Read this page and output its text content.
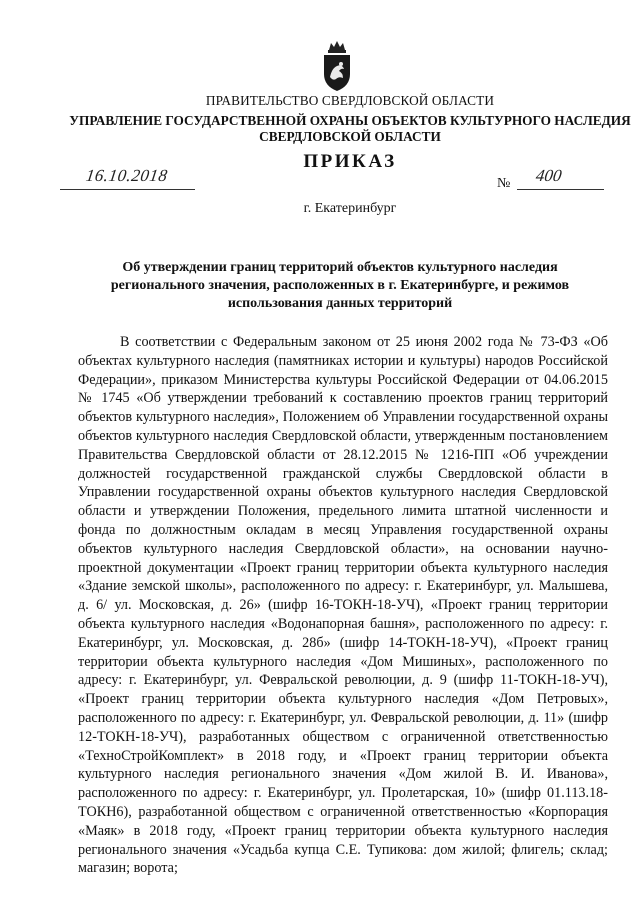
ПРАВИТЕЛЬСТВО СВЕРДЛОВСКОЙ ОБЛАСТИ
УПРАВЛЕНИЕ ГОСУДАРСТВЕННОЙ ОХРАНЫ ОБЪЕКТОВ КУЛЬТУРНОГО НАСЛЕДИЯ
СВЕРДЛОВСКОЙ ОБЛАСТИ
ПРИКАЗ
16.10.2018	№ 400
г. Екатеринбург
Об утверждении границ территорий объектов культурного наследия регионального значения, расположенных в г. Екатеринбурге, и режимов использования данных территорий
В соответствии с Федеральным законом от 25 июня 2002 года № 73-ФЗ «Об объектах культурного наследия (памятниках истории и культуры) народов Российской Федерации», приказом Министерства культуры Российской Федерации от 04.06.2015 № 1745 «Об утверждении требований к составлению проектов границ территорий объектов культурного наследия», Положением об Управлении государственной охраны объектов культурного наследия Свердловской области, утвержденным постановлением Правительства Свердловской области от 28.12.2015 № 1216-ПП «Об учреждении должностей государственной гражданской службы Свердловской области в Управлении государственной охраны объектов культурного наследия Свердловской области и утверждении Положения, предельного лимита штатной численности и фонда по должностным окладам в месяц Управления государственной охраны объектов культурного наследия Свердловской области», на основании научно-проектной документации «Проект границ территории объекта культурного наследия «Здание земской школы», расположенного по адресу: г. Екатеринбург, ул. Малышева, д. 6/ ул. Московская, д. 26» (шифр 16-ТОКН-18-УЧ), «Проект границ территории объекта культурного наследия «Водонапорная башня», расположенного по адресу: г. Екатеринбург, ул. Московская, д. 28б» (шифр 14-ТОКН-18-УЧ), «Проект границ территории объекта культурного наследия «Дом Мишиных», расположенного по адресу: г. Екатеринбург, ул. Февральской революции, д. 9 (шифр 11-ТОКН-18-УЧ), «Проект границ территории объекта культурного наследия «Дом Петровых», расположенного по адресу: г. Екатеринбург, ул. Февральской революции, д. 11» (шифр 12-ТОКН-18-УЧ), разработанных обществом с ограниченной ответственностью «ТехноСтройКомплект» в 2018 году, и «Проект границ территории объекта культурного наследия регионального значения «Дом жилой В. И. Иванова», расположенного по адресу: г. Екатеринбург, ул. Пролетарская, 10» (шифр 01.113.18-ТОКН6), разработанной обществом с ограниченной ответственностью «Корпорация «Маяк» в 2018 году, «Проект границ территории объекта культурного наследия регионального значения «Усадьба купца С.Е. Тупикова: дом жилой; флигель; склад; магазин; ворота;
